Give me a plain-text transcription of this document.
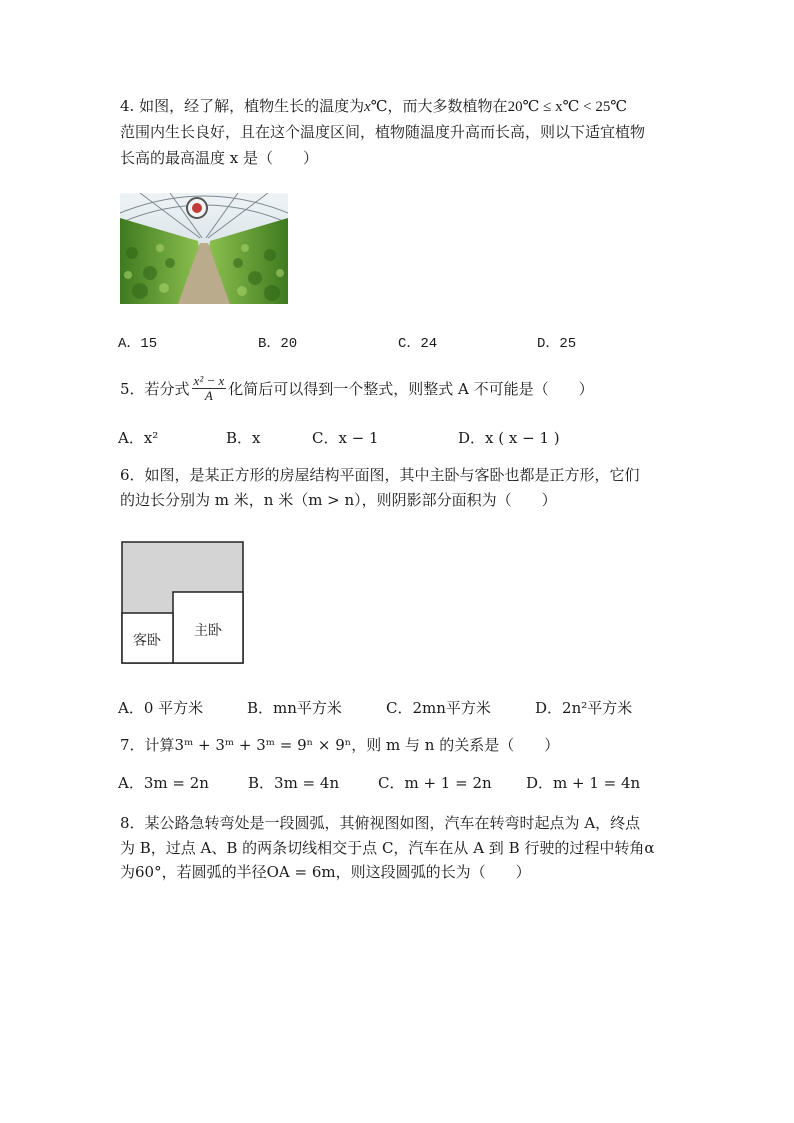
4. 如图，经了解，植物生长的温度为x℃，而大多数植物在20℃ ≤ x℃ < 25℃
范围内生长良好，且在这个温度区间，植物随温度升高而长高，则以下适宜植物
长高的最高温度 x 是（　　）
A．15	B．20	C．24	D．25
5．若分式 $\frac{\text{x² − x}}{A}$ 化简后可以得到一个整式，则整式 A 不可能是（　　）
A．x²	B．x	C．x − 1	D．x ( x − 1 )
6．如图，是某正方形的房屋结构平面图，其中主卧与客卧也都是正方形，它们
的边长分别为 m 米，n 米（m > n），则阴影部分面积为（　　）
客卧
主卧
A．0 平方米	B．mn平方米	C．2mn平方米	D．2n²平方米
7．计算3ᵐ + 3ᵐ + 3ᵐ = 9ⁿ × 9ⁿ，则 m 与 n 的关系是（　　）
A．3m = 2n	B．3m = 4n	C．m + 1 = 2n D．m + 1 = 4n
8．某公路急转弯处是一段圆弧，其俯视图如图，汽车在转弯时起点为 A，终点
为 B，过点 A、B 的两条切线相交于点 C，汽车在从 A 到 B 行驶的过程中转角α
为60°，若圆弧的半径OA = 6m，则这段圆弧的长为（　　）
